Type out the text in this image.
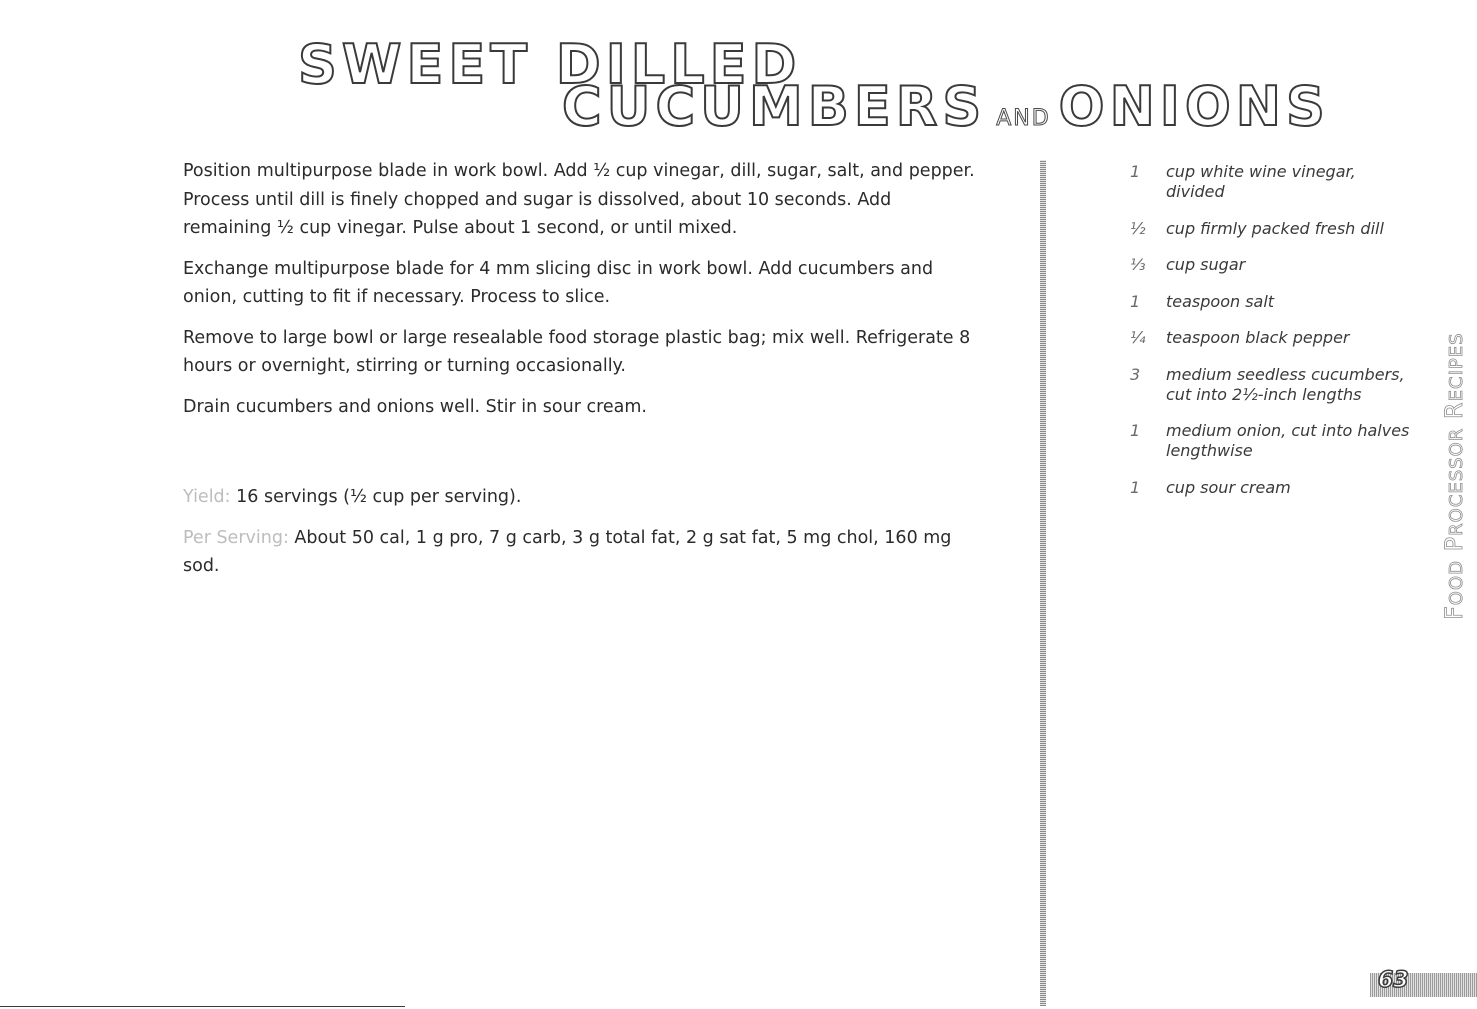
SWEET DILLED
CUCUMBERS AND ONIONS

Position multipurpose blade in work bowl. Add ½ cup vinegar, dill, sugar, salt, and pepper. Process until dill is finely chopped and sugar is dissolved, about 10 seconds. Add remaining ½ cup vinegar. Pulse about 1 second, or until mixed.

Exchange multipurpose blade for 4 mm slicing disc in work bowl. Add cucumbers and onion, cutting to fit if necessary. Process to slice.

Remove to large bowl or large resealable food storage plastic bag; mix well. Refrigerate 8 hours or overnight, stirring or turning occasionally.

Drain cucumbers and onions well. Stir in sour cream.

Yield: 16 servings (½ cup per serving).

Per Serving: About 50 cal, 1 g pro, 7 g carb, 3 g total fat, 2 g sat fat, 5 mg chol, 160 mg sod.

1	cup white wine vinegar, divided
½	cup firmly packed fresh dill
⅓	cup sugar
1	teaspoon salt
¼	teaspoon black pepper
3	medium seedless cucumbers, cut into 2½-inch lengths
1	medium onion, cut into halves lengthwise
1	cup sour cream
FOOD PROCESSOR RECIPES
63
